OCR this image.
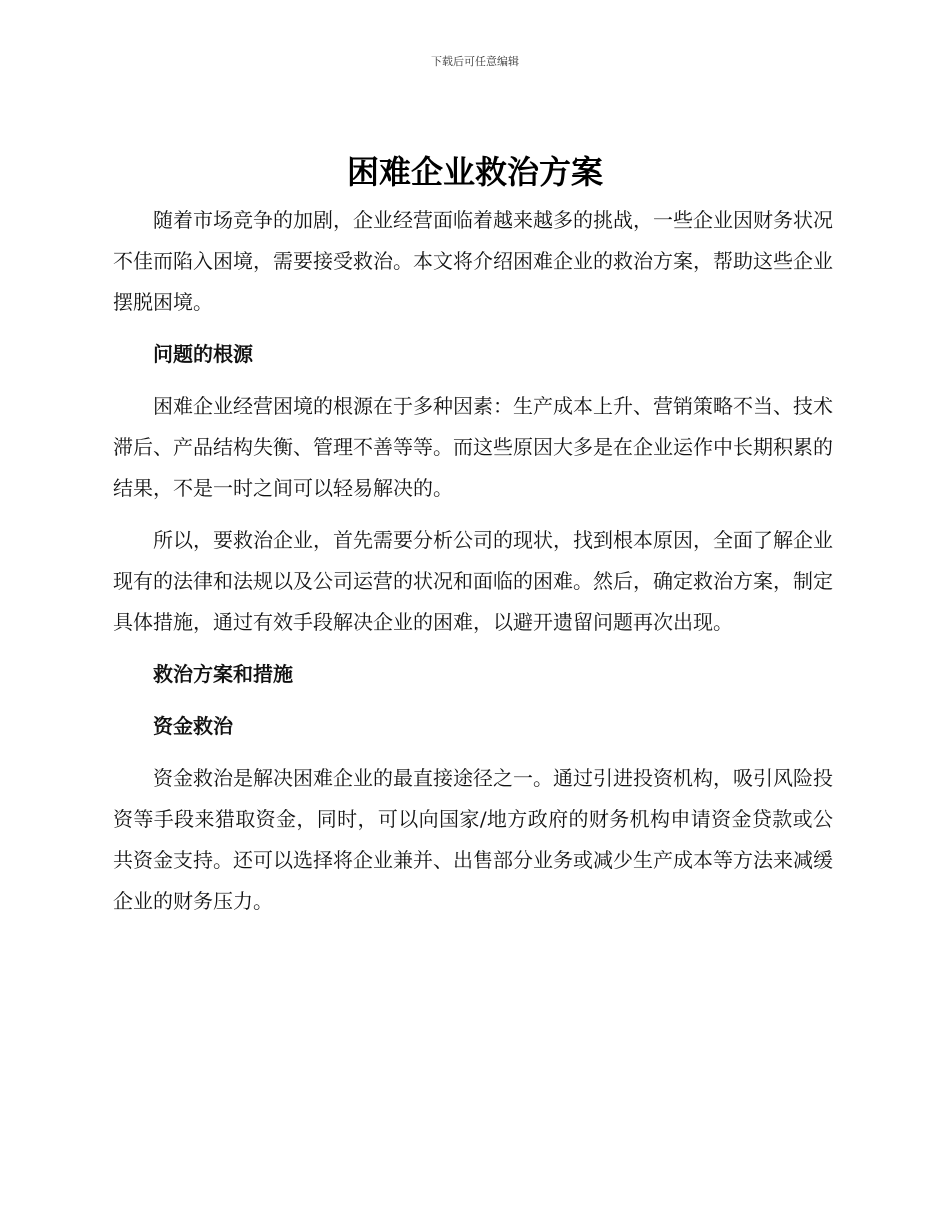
下载后可任意编辑
困难企业救治方案

随着市场竞争的加剧，企业经营面临着越来越多的挑战，一些企业因财务状况不佳而陷入困境，需要接受救治。本文将介绍困难企业的救治方案，帮助这些企业摆脱困境。

问题的根源

困难企业经营困境的根源在于多种因素：生产成本上升、营销策略不当、技术滞后、产品结构失衡、管理不善等等。而这些原因大多是在企业运作中长期积累的结果，不是一时之间可以轻易解决的。

所以，要救治企业，首先需要分析公司的现状，找到根本原因，全面了解企业现有的法律和法规以及公司运营的状况和面临的困难。然后，确定救治方案，制定具体措施，通过有效手段解决企业的困难，以避开遗留问题再次出现。

救治方案和措施

资金救治

资金救治是解决困难企业的最直接途径之一。通过引进投资机构，吸引风险投资等手段来猎取资金，同时，可以向国家/地方政府的财务机构申请资金贷款或公共资金支持。还可以选择将企业兼并、出售部分业务或减少生产成本等方法来减缓企业的财务压力。
